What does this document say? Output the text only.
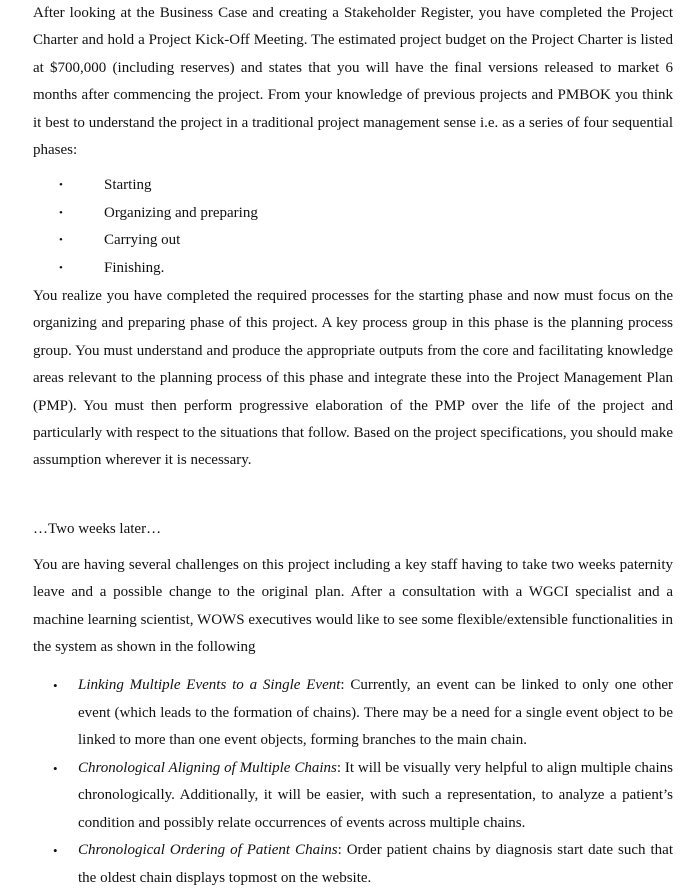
After looking at the Business Case and creating a Stakeholder Register, you have completed the Project Charter and hold a Project Kick-Off Meeting. The estimated project budget on the Project Charter is listed at $700,000 (including reserves) and states that you will have the final versions released to market 6 months after commencing the project. From your knowledge of previous projects and PMBOK you think it best to understand the project in a traditional project management sense i.e. as a series of four sequential phases:

•	Starting
•	Organizing and preparing
•	Carrying out
•	Finishing.

You realize you have completed the required processes for the starting phase and now must focus on the organizing and preparing phase of this project. A key process group in this phase is the planning process group. You must understand and produce the appropriate outputs from the core and facilitating knowledge areas relevant to the planning process of this phase and integrate these into the Project Management Plan (PMP). You must then perform progressive elaboration of the PMP over the life of the project and particularly with respect to the situations that follow. Based on the project specifications, you should make assumption wherever it is necessary.

…Two weeks later…

You are having several challenges on this project including a key staff having to take two weeks paternity leave and a possible change to the original plan. After a consultation with a WGCI specialist and a machine learning scientist, WOWS executives would like to see some flexible/extensible functionalities in the system as shown in the following

• Linking Multiple Events to a Single Event: Currently, an event can be linked to only one other event (which leads to the formation of chains). There may be a need for a single event object to be linked to more than one event objects, forming branches to the main chain.
• Chronological Aligning of Multiple Chains: It will be visually very helpful to align multiple chains chronologically. Additionally, it will be easier, with such a representation, to analyze a patient’s condition and possibly relate occurrences of events across multiple chains.
• Chronological Ordering of Patient Chains: Order patient chains by diagnosis start date such that the oldest chain displays topmost on the website.
